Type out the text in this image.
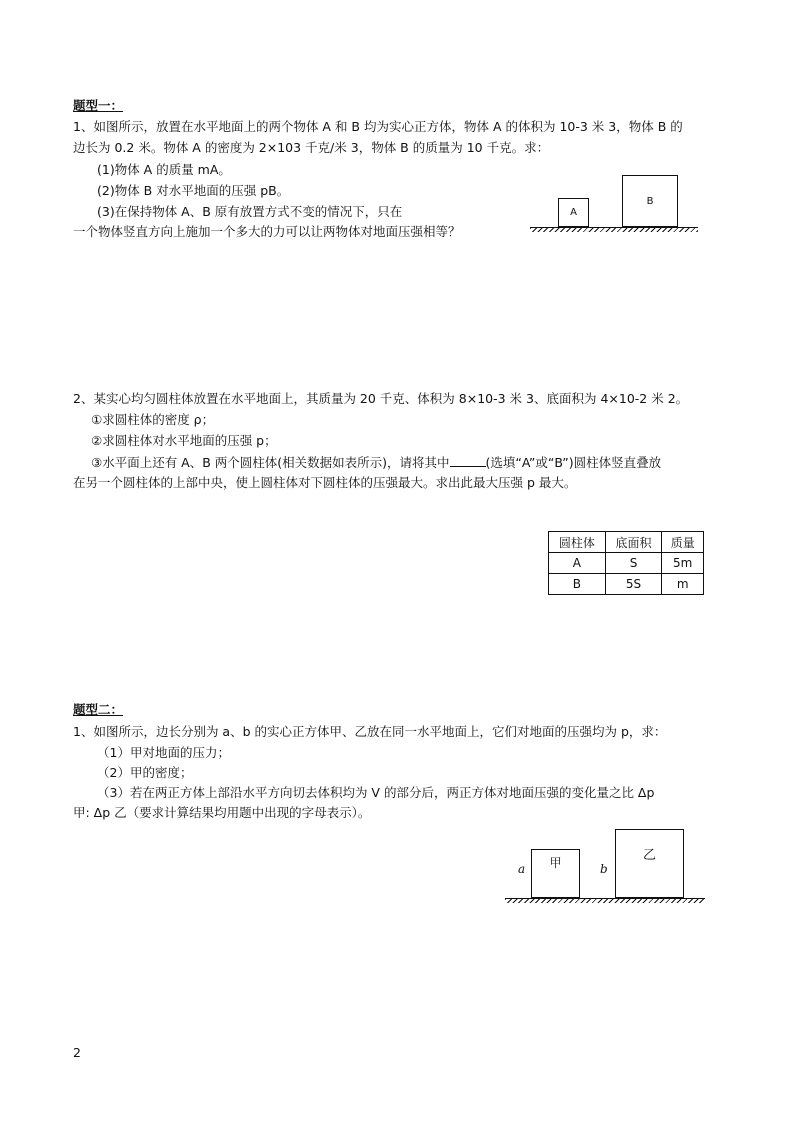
题型一：
1、如图所示，放置在水平地面上的两个物体 A 和 B 均为实心正方体，物体 A 的体积为 10-3 米 3，物体 B 的
边长为 0.2 米。物体 A 的密度为 2×103 千克/米 3，物体 B 的质量为 10 千克。求：
(1)物体 A 的质量 mA。
(2)物体 B 对水平地面的压强 pB。
(3)在保持物体 A、B 原有放置方式不变的情况下，只在
一个物体竖直方向上施加一个多大的力可以让两物体对地面压强相等？
A
B
2、某实心均匀圆柱体放置在水平地面上，其质量为 20 千克、体积为 8×10-3 米 3、底面积为 4×10-2 米 2。
①求圆柱体的密度 ρ；
②求圆柱体对水平地面的压强 p；
③水平面上还有 A、B 两个圆柱体(相关数据如表所示)，请将其中	(选填“A”或“B”)圆柱体竖直叠放
在另一个圆柱体的上部中央，使上圆柱体对下圆柱体的压强最大。求出此最大压强 p 最大。
圆柱体	底面积	质量
A	S	5m
B	5S	m
题型二：
1、如图所示，边长分别为 a、b 的实心正方体甲、乙放在同一水平地面上，它们对地面的压强均为 p，求：
（1）甲对地面的压力；
（2）甲的密度；
（3）若在两正方体上部沿水平方向切去体积均为 V 的部分后，两正方体对地面压强的变化量之比 Δp
甲: Δp 乙（要求计算结果均用题中出现的字母表示）。
a	甲	b
乙
2
